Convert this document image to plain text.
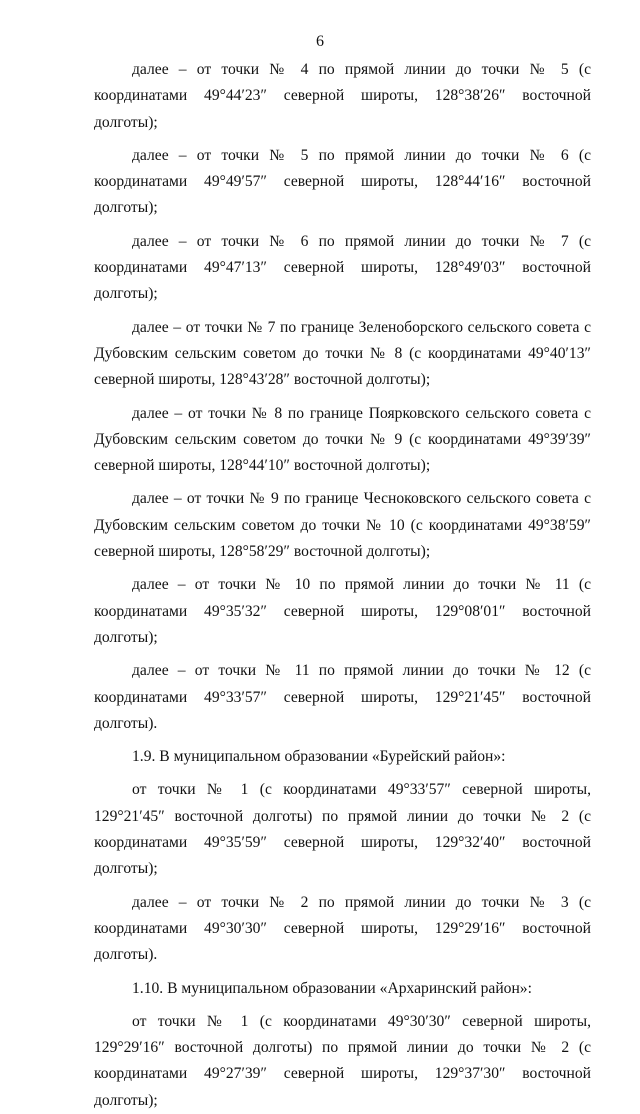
6

далее – от точки № 4 по прямой линии до точки № 5 (с координатами 49°44′23″ северной широты, 128°38′26″ восточной долготы);

далее – от точки № 5 по прямой линии до точки № 6 (с координатами 49°49′57″ северной широты, 128°44′16″ восточной долготы);

далее – от точки № 6 по прямой линии до точки № 7 (с координатами 49°47′13″ северной широты, 128°49′03″ восточной долготы);

далее – от точки № 7 по границе Зеленоборского сельского совета с Дубовским сельским советом до точки № 8 (с координатами 49°40′13″ северной широты, 128°43′28″ восточной долготы);

далее – от точки № 8 по границе Поярковского сельского совета с Дубовским сельским советом до точки № 9 (с координатами 49°39′39″ северной широты, 128°44′10″ восточной долготы);

далее – от точки № 9 по границе Чесноковского сельского совета с Дубовским сельским советом до точки № 10 (с координатами 49°38′59″ северной широты, 128°58′29″ восточной долготы);

далее – от точки № 10 по прямой линии до точки № 11 (с координатами 49°35′32″ северной широты, 129°08′01″ восточной долготы);

далее – от точки № 11 по прямой линии до точки № 12 (с координатами 49°33′57″ северной широты, 129°21′45″ восточной долготы).

1.9. В муниципальном образовании «Бурейский район»:

от точки № 1 (с координатами 49°33′57″ северной широты, 129°21′45″ восточной долготы) по прямой линии до точки № 2 (с координатами 49°35′59″ северной широты, 129°32′40″ восточной долготы);

далее – от точки № 2 по прямой линии до точки № 3 (с координатами 49°30′30″ северной широты, 129°29′16″ восточной долготы).

1.10. В муниципальном образовании «Архаринский район»:

от точки № 1 (с координатами 49°30′30″ северной широты, 129°29′16″ восточной долготы) по прямой линии до точки № 2 (с координатами 49°27′39″ северной широты, 129°37′30″ восточной долготы);
